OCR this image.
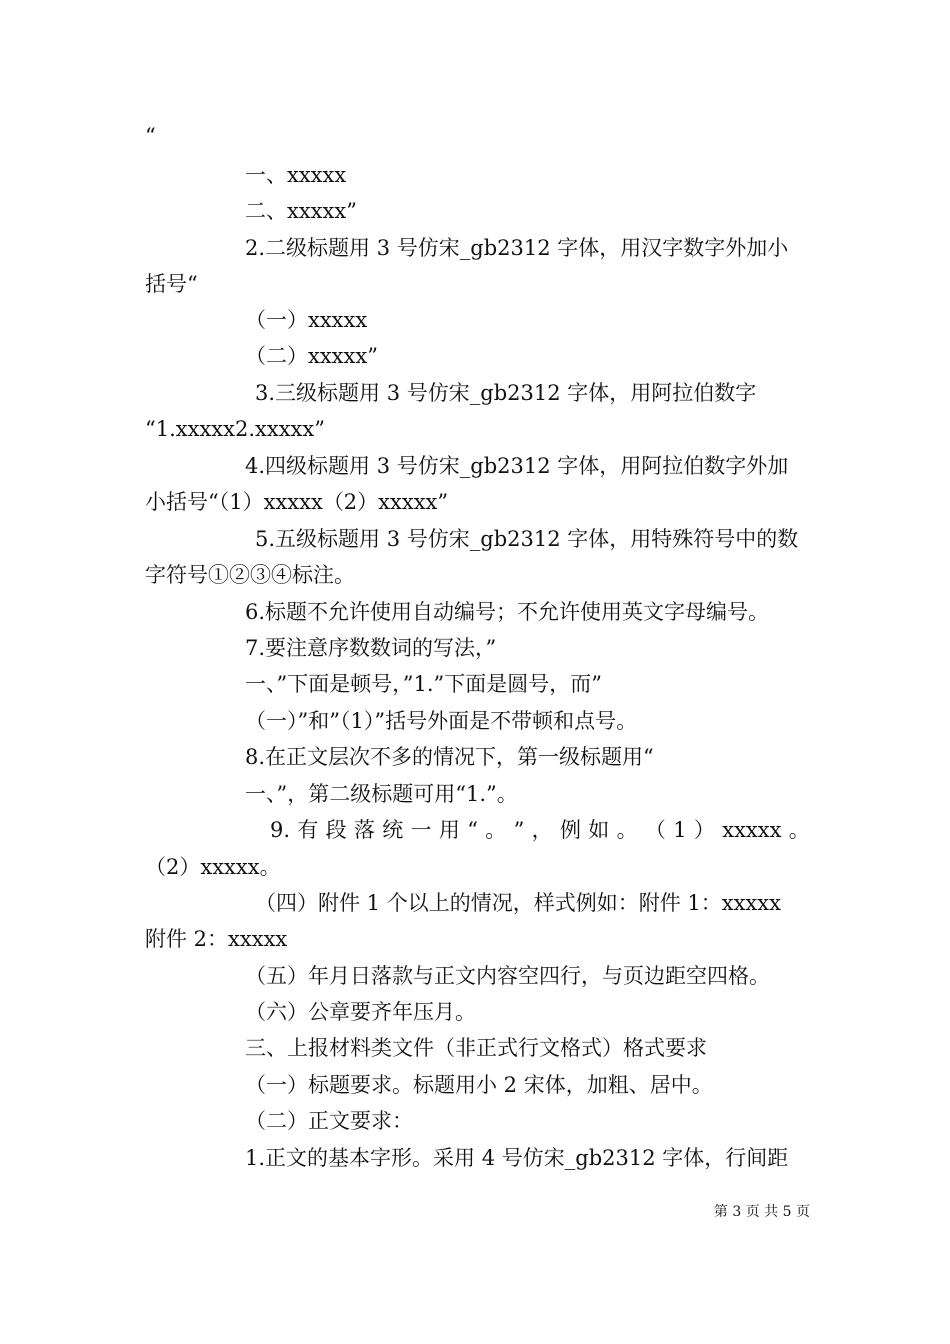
“
一、xxxxx
二、xxxxx”
2.二级标题用 3 号仿宋_gb2312 字体，用汉字数字外加小
括号“
（一）xxxxx
（二）xxxxx”
3.三级标题用 3 号仿宋_gb2312 字体，用阿拉伯数字
“1.xxxxx2.xxxxx”
4.四级标题用 3 号仿宋_gb2312 字体，用阿拉伯数字外加
小括号“（1）xxxxx（2）xxxxx”
5.五级标题用 3 号仿宋_gb2312 字体，用特殊符号中的数
字符号①②③④标注。
6.标题不允许使用自动编号；不允许使用英文字母编号。
7.要注意序数数词的写法，”
一、”下面是顿号，”1.”下面是圆号，而”
（一）”和”（1）”括号外面是不带顿和点号。
8.在正文层次不多的情况下，第一级标题用“
一、”，第二级标题可用“1.”。
9. 有 段 落 统 一 用 “ 。 ” ， 例 如 。 （ 1 ） xxxxx 。
（2）xxxxx。
（四）附件 1 个以上的情况，样式例如：附件 1：xxxxx
附件 2：xxxxx
（五）年月日落款与正文内容空四行，与页边距空四格。
（六）公章要齐年压月。
三、上报材料类文件（非正式行文格式）格式要求
（一）标题要求。标题用小 2 宋体，加粗、居中。
（二）正文要求：
1.正文的基本字形。采用 4 号仿宋_gb2312 字体，行间距
第 3 页 共 5 页
